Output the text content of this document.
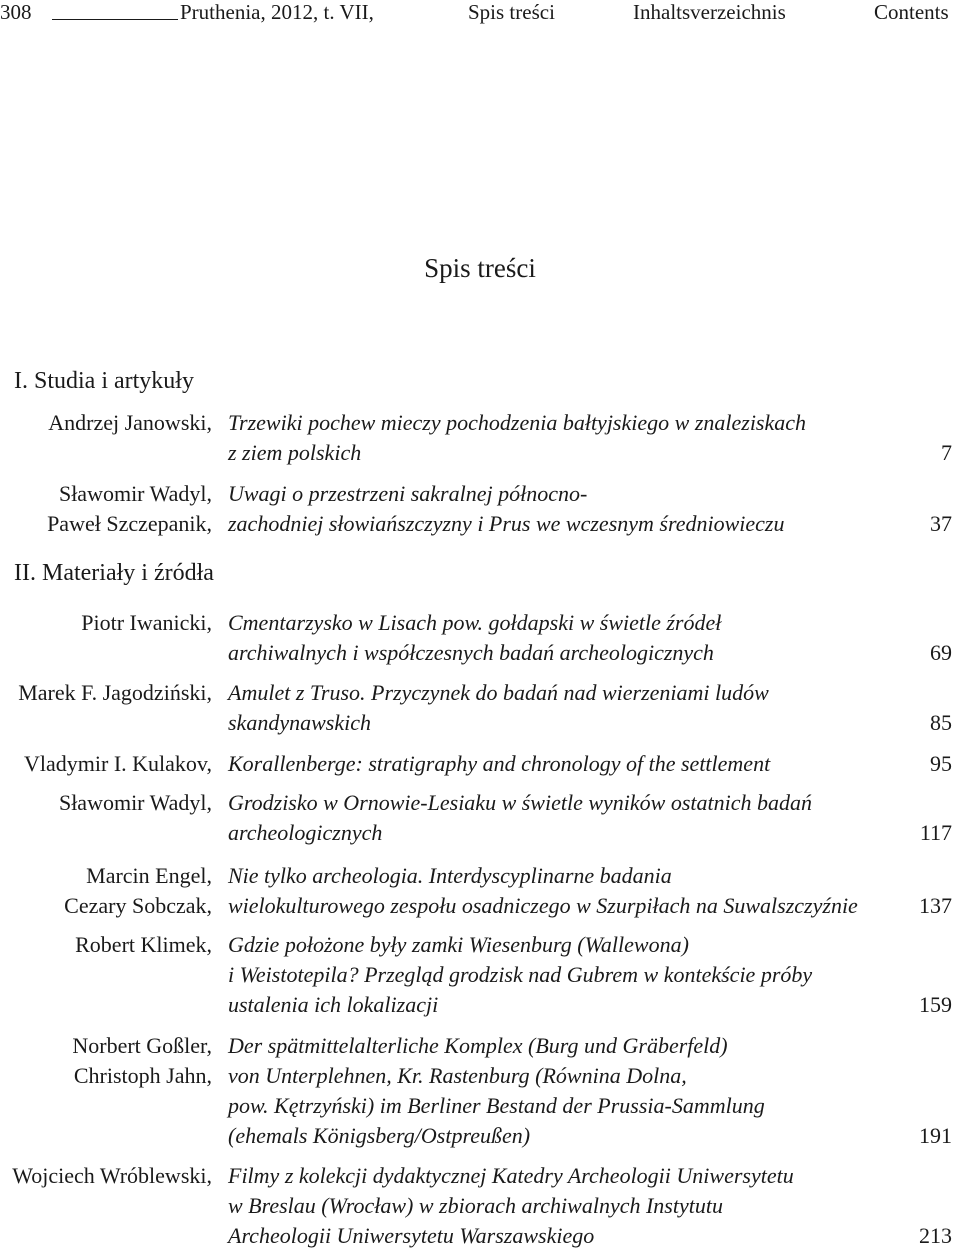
308	Pruthenia, 2012, t. VII,	Spis treści	Inhaltsverzeichnis	Contents
Spis treści
I. Studia i artykuły
Andrzej Janowski, Trzewiki pochew mieczy pochodzenia bałtyjskiego w znaleziskach
z ziem polskich	7
Sławomir Wadyl,
Paweł Szczepanik,
Uwagi o przestrzeni sakralnej północno-
zachodniej słowiańszczyzny i Prus we wczesnym średniowieczu	37
II. Materiały i źródła
Piotr Iwanicki, Cmentarzysko w Lisach pow. gołdapski w świetle źródeł
archiwalnych i współczesnych badań archeologicznych	69
Marek F. Jagodziński, Amulet z Truso. Przyczynek do badań nad wierzeniami ludów
skandynawskich	85
Vladymir I. Kulakov, Korallenberge: stratigraphy and chronology of the settlement	95
Sławomir Wadyl, Grodzisko w Ornowie-Lesiaku w świetle wyników ostatnich badań
archeologicznych	117
Marcin Engel,
Cezary Sobczak,
Nie tylko archeologia. Interdyscyplinarne badania
wielokulturowego zespołu osadniczego w Szurpiłach na Suwalszczyźnie	137
Robert Klimek, Gdzie położone były zamki Wiesenburg (Wallewona)
i Weistotepila? Przegląd grodzisk nad Gubrem w kontekście próby
ustalenia ich lokalizacji	159
Norbert Goßler,
Christoph Jahn,
Der spätmittelalterliche Komplex (Burg und Gräberfeld)
von Unterplehnen, Kr. Rastenburg (Równina Dolna,
pow. Kętrzyński) im Berliner Bestand der Prussia-Sammlung
(ehemals Königsberg/Ostpreußen)	191
Wojciech Wróblewski, Filmy z kolekcji dydaktycznej Katedry Archeologii Uniwersytetu
w Breslau (Wrocław) w zbiorach archiwalnych Instytutu
Archeologii Uniwersytetu Warszawskiego	213
